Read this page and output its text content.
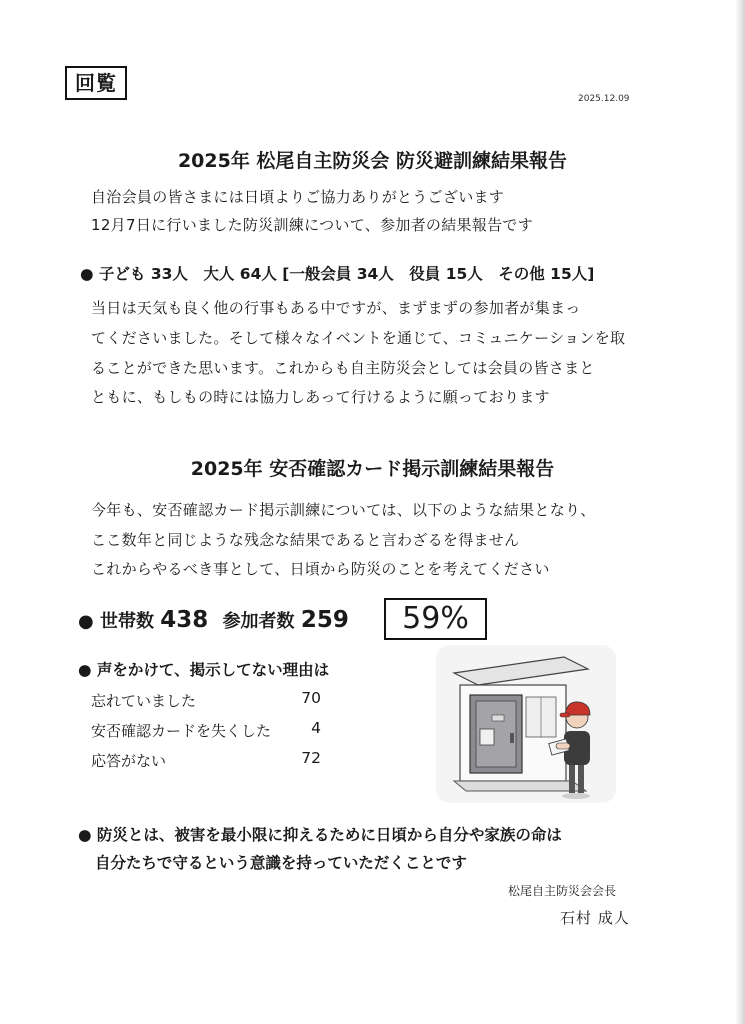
回覧
2025.12.09
2025年 松尾自主防災会 防災避訓練結果報告
自治会員の皆さまには日頃よりご協力ありがとうございます
12月7日に行いました防災訓練について、参加者の結果報告です
● 子ども 33人　大人 64人 [一般会員 34人　役員 15人　その他 15人]
当日は天気も良く他の行事もある中ですが、まずまずの参加者が集まっ
てくださいました。そして様々なイベントを通じて、コミュニケーションを取
ることができた思います。これからも自主防災会としては会員の皆さまと
ともに、もしもの時には協力しあって行けるように願っております
2025年 安否確認カード掲示訓練結果報告
今年も、安否確認カード掲示訓練については、以下のような結果となり、
ここ数年と同じような残念な結果であると言わざるを得ません
これからやるべき事として、日頃から防災のことを考えてください
● 世帯数 438 参加者数 259	59%
● 声をかけて、掲示してない理由は
忘れていました	70
安否確認カードを失くした	4
応答がない	72
● 防災とは、被害を最小限に抑えるために日頃から自分や家族の命は
自分たちで守るという意識を持っていただくことです
松尾自主防災会会長
石村 成人
